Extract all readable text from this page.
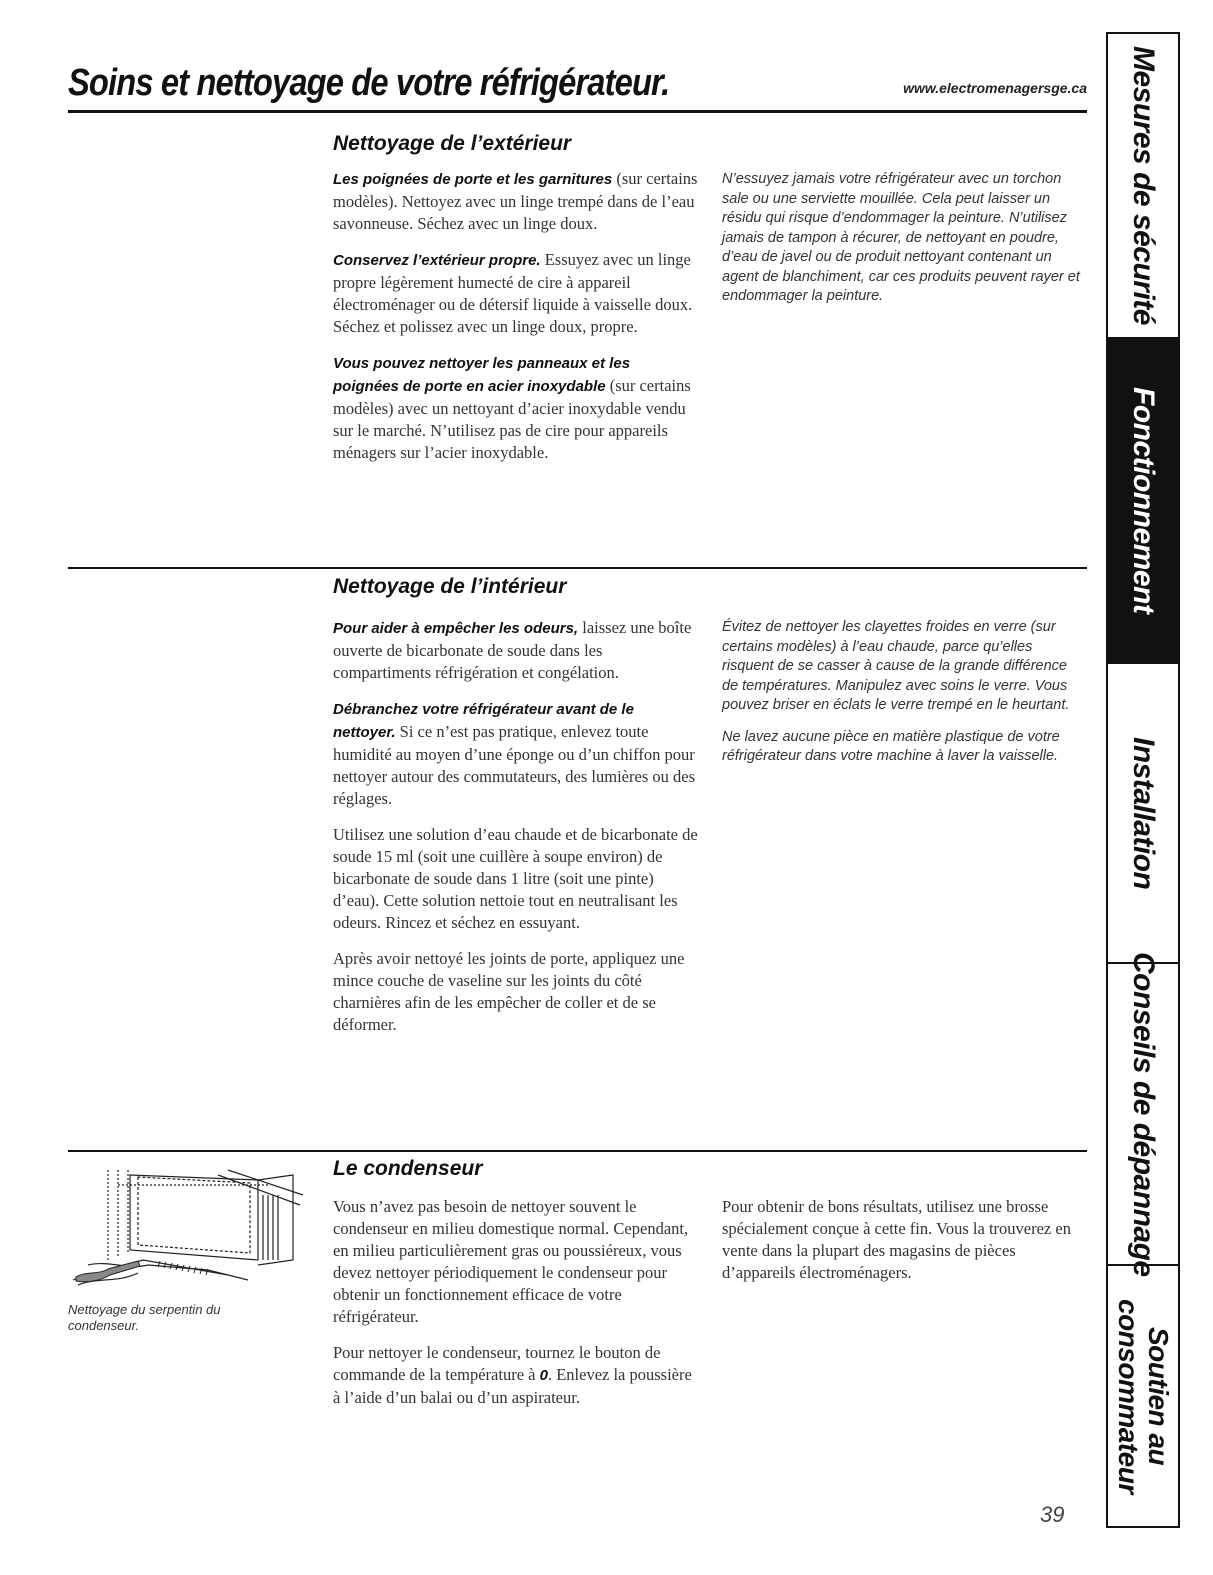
Soins et nettoyage de votre réfrigérateur.	www.electromenagersge.ca
Nettoyage de l’extérieur

Les poignées de porte et les garnitures (sur certains modèles). Nettoyez avec un linge trempé dans de l’eau savonneuse. Séchez avec un linge doux.

Conservez l’extérieur propre. Essuyez avec un linge propre légèrement humecté de cire à appareil électroménager ou de détersif liquide à vaisselle doux. Séchez et polissez avec un linge doux, propre.

Vous pouvez nettoyer les panneaux et les poignées de porte en acier inoxydable (sur certains modèles) avec un nettoyant d’acier inoxydable vendu sur le marché. N’utilisez pas de cire pour appareils ménagers sur l’acier inoxydable.

N’essuyez jamais votre réfrigérateur avec un torchon sale ou une serviette mouillée. Cela peut laisser un résidu qui risque d’endommager la peinture. N’utilisez jamais de tampon à récurer, de nettoyant en poudre, d’eau de javel ou de produit nettoyant contenant un agent de blanchiment, car ces produits peuvent rayer et endommager la peinture.

Nettoyage de l’intérieur

Pour aider à empêcher les odeurs, laissez une boîte ouverte de bicarbonate de soude dans les compartiments réfrigération et congélation.

Débranchez votre réfrigérateur avant de le nettoyer. Si ce n’est pas pratique, enlevez toute humidité au moyen d’une éponge ou d’un chiffon pour nettoyer autour des commutateurs, des lumières ou des réglages.

Utilisez une solution d’eau chaude et de bicarbonate de soude 15 ml (soit une cuillère à soupe environ) de bicarbonate de soude dans 1 litre (soit une pinte) d’eau). Cette solution nettoie tout en neutralisant les odeurs. Rincez et séchez en essuyant.

Après avoir nettoyé les joints de porte, appliquez une mince couche de vaseline sur les joints du côté charnières afin de les empêcher de coller et de se déformer.

Évitez de nettoyer les clayettes froides en verre (sur certains modèles) à l’eau chaude, parce qu’elles risquent de se casser à cause de la grande différence de températures. Manipulez avec soins le verre. Vous pouvez briser en éclats le verre trempé en le heurtant.

Ne lavez aucune pièce en matière plastique de votre réfrigérateur dans votre machine à laver la vaisselle.

Nettoyage du serpentin du condenseur.
Le condenseur

Vous n’avez pas besoin de nettoyer souvent le condenseur en milieu domestique normal. Cependant, en milieu particulièrement gras ou poussiéreux, vous devez nettoyer périodiquement le condenseur pour obtenir un fonctionnement efficace de votre réfrigérateur.

Pour nettoyer le condenseur, tournez le bouton de commande de la température à 0. Enlevez la poussière à l’aide d’un balai ou d’un aspirateur.

Pour obtenir de bons résultats, utilisez une brosse spécialement conçue à cette fin. Vous la trouverez en vente dans la plupart des magasins de pièces d’appareils électroménagers.

39
Mesures de sécurité
Fonctionnement
Installation
Conseils de dépannage
Soutien au
consommateur
